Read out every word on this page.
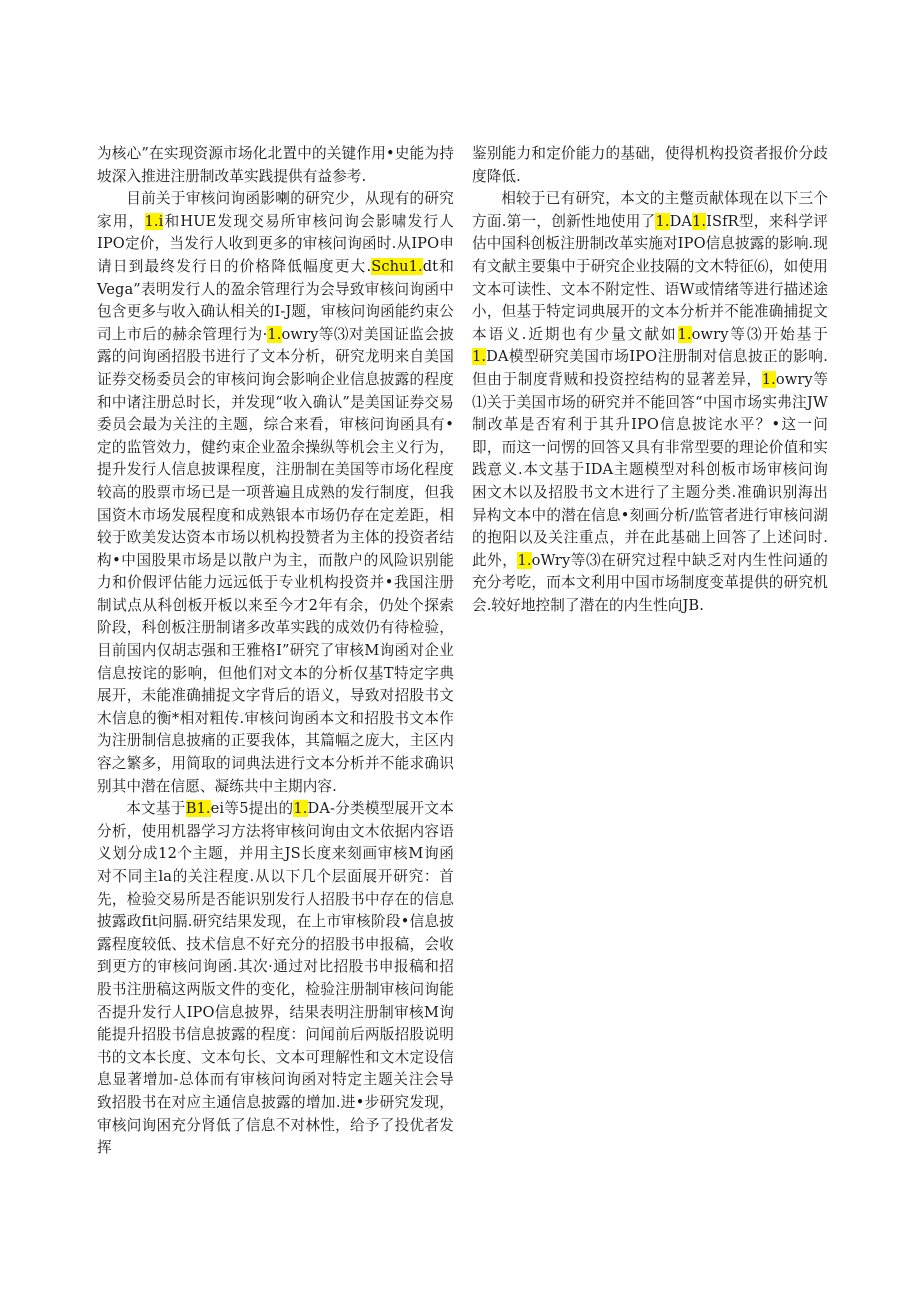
为核心”在实现资源市场化北置中的关键作用•史能为持坡深入推进注册制改革实践提供有益参考.

目前关于审核问询函影喇的研究少，从现有的研究家用，1.i和HUE发现交易所审核问询会影啸发行人IPO定价，当发行人收到更多的审核问询函时.从IPO申请日到最终发行日的价格降低幅度更大.Schu1.dt和Vega”表明发行人的盈余管理行为会导致审核问询函中包含更多与收入确认相关的I-J题，审核问询函能约束公司上市后的赫余管理行为·1.owry等⑶对美国证监会披露的问询函招股书进行了文本分析，研究龙明来自美国证券交杨委员会的审核问询会影响企业信息披露的程度和中诸注册总时长，并发现“收入确认”是美国证券交易委员会最为关注的主题，综合来看，审核问询函具有•定的监管效力，健约束企业盈余操纵等机会主义行为，提升发行人信息披课程度，注册制在美国等市场化程度较高的股票市场已是一项普遍且成熟的发行制度，但我国资木市场发展程度和成熟银本市场仍存在定差距，相较于欧美发达资本市场以机构投赞者为主体的投资者结构•中国股果市场是以散户为主，而散户的风险识别能力和价假评估能力远远低于专业机构投资并•我国注册制试点从科创板开板以来至今才2年有余，仍处个探索阶段，科创板注册制诸多改革实践的成效仍有待检验，目前国内仅胡志强和王雅格I”研究了审核M询函对企业信息按诧的影响，但他们对文本的分析仅基T特定字典展开，未能准确捕捉文字背后的语义，导致对招股书文木信息的衡*相对粗传.审核问询函本文和招股书文本作为注册制信息披痛的正要我体，其篇幅之庞大，主区内容之繁多，用简取的词典法进行文本分析并不能求确识别其中潜在信愿、凝练共中主期内容.

本文基于B1.ei等5提出的1.DA-分类模型展开文本分析，使用机器学习方法将审核问询由文木依据内容语义划分成12个主题，并用主JS长度来刻画审核M询函对不同主la的关注程度.从以下几个层面展开研究：首先，检验交易所是否能识别发行人招股书中存在的信息披露政fit问膈.研究结果发现，在上市审核阶段•信息披露程度较低、技术信息不好充分的招股书申报稿，会收到更方的审核问询函.其次·通过对比招股书申报稿和招股书注册稿这两版文件的变化，检验注册制审核问询能否提升发行人IPO信息披界，结果表明注册制审核M询能提升招股书信息披露的程度：问闻前后两版招股说明书的文本长度、文本句长、文本可理解性和文木定设信息显著增加-总体而有审核问询函对特定主题关注会导致招股书在对应主通信息披露的增加.进•步研究发现，审核问询困充分肾低了信息不对林性，给予了投优者发挥

鉴别能力和定价能力的基础，使得机构投资者报价分歧度降低.

相较于已有研究，本文的主蹩贡献体现在以下三个方面.第一，创新性地使用了1.DA1.ISfR型，来科学评估中国科创板注册制改革实施对IPO信息披露的影响.现有文献主要集中于研究企业技隔的文木特征⑹，如使用文本可读性、文本不附定性、语W或情绪等进行描述途小，但基于特定词典展开的文本分析并不能准确捕捉文本语义.近期也有少量文献如1.owry等⑶开始基于1.DA模型研究美国市场IPO注册制对信息披正的影响.但由于制度背贼和投资控结构的显著差异，1.owry等⑴关于美国市场的研究并不能回答“中国市场实弗注JW制改革是否宥利于其升IPO信息披诧水平？•这一问即，而这一问愣的回答又具有非常型要的理论价值和实践意义.本文基于IDA主题模型对科创板市场审核问询困文木以及招股书文木进行了主题分类.准确识别海出异构文本中的潜在信息•刻画分析/监管者进行审核问湖的抱阳以及关注重点，并在此基础上回答了上述问时.此外，1.oWry等⑶在研究过程中缺乏对内生性问通的充分考吃，而本文利用中国市场制度变革提供的研究机会.较好地控制了潜在的内生性向JB.
